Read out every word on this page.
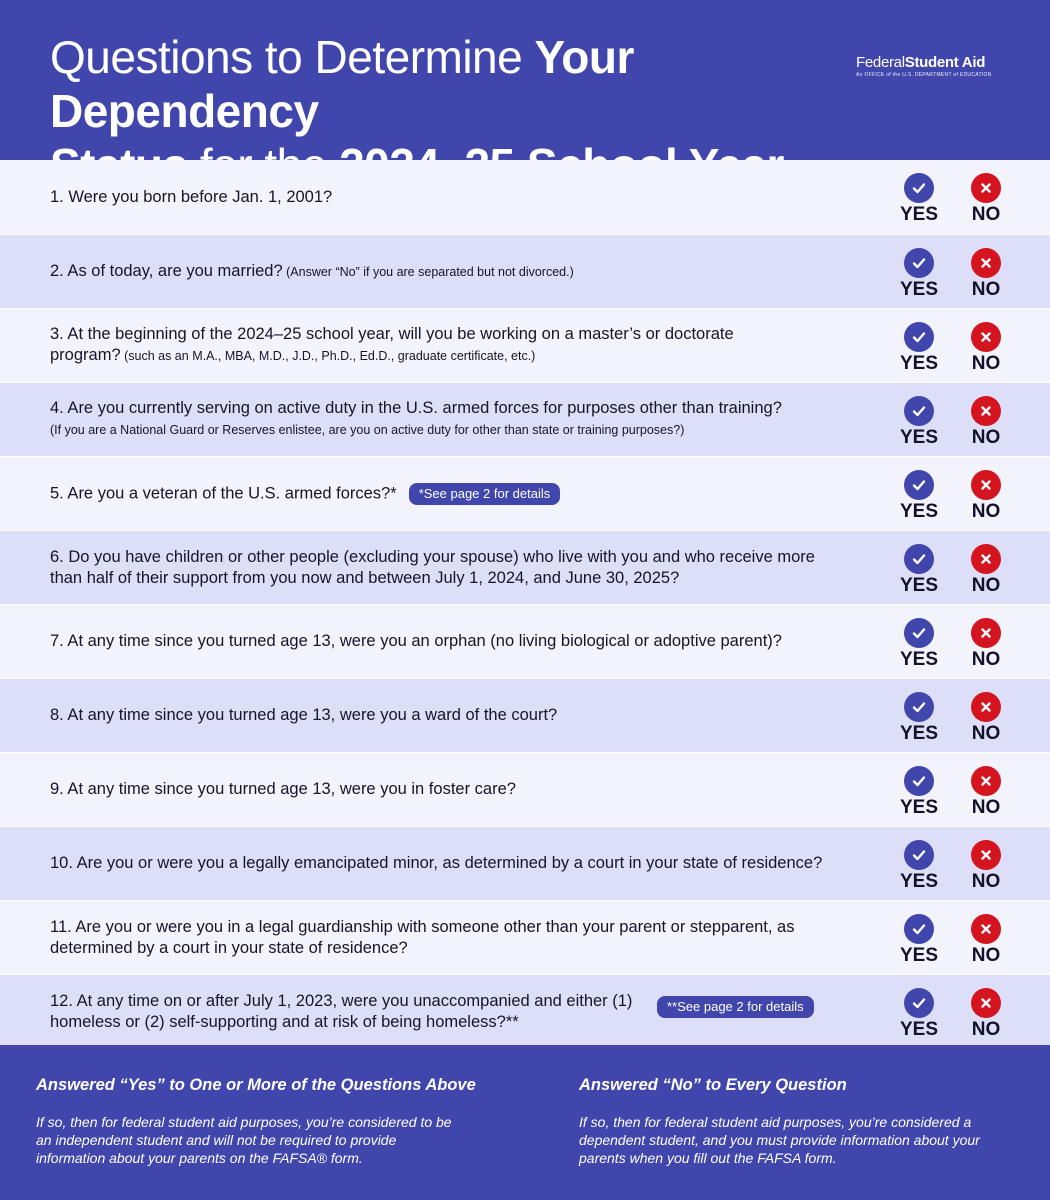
Questions to Determine Your Dependency

FederalStudent Aid
An OFFICE of the U.S. DEPARTMENT of EDUCATION
1. Were you born before Jan. 1, 2001?
YES	NO
2. As of today, are you married? (Answer “No” if you are separated but not divorced.)
YES	NO
3. At the beginning of the 2024–25 school year, will you be working on a master’s or doctorate program? (such as an M.A., MBA, M.D., J.D., Ph.D., Ed.D., graduate certificate, etc.)	YES	NO
4. Are you currently serving on active duty in the U.S. armed forces for purposes other than training?
(If you are a National Guard or Reserves enlistee, are you on active duty for other than state or training purposes?)	YES	NO
5. Are you a veteran of the U.S. armed forces?* *See page 2 for details
YES	NO
6. Do you have children or other people (excluding your spouse) who live with you and who receive more than half of their support from you now and between July 1, 2024, and June 30, 2025?	YES	NO
7. At any time since you turned age 13, were you an orphan (no living biological or adoptive parent)?
YES	NO
8. At any time since you turned age 13, were you a ward of the court?
YES	NO
9. At any time since you turned age 13, were you in foster care?
YES	NO
10. Are you or were you a legally emancipated minor, as determined by a court in your state of residence?
YES	NO
11. Are you or were you in a legal guardianship with someone other than your parent or stepparent, as determined by a court in your state of residence?	YES	NO
12. At any time on or after July 1, 2023, were you unaccompanied and either (1) homeless or (2) self-supporting and at risk of being homeless?**
**See page 2 for details
YES	NO
Answered “Yes” to One or More of the Questions Above
If so, then for federal student aid purposes, you’re considered to be an independent student and will not be required to provide information about your parents on the FAFSA® form.
Answered “No” to Every Question
If so, then for federal student aid purposes, you’re considered a dependent student, and you must provide information about your parents when you fill out the FAFSA form.
